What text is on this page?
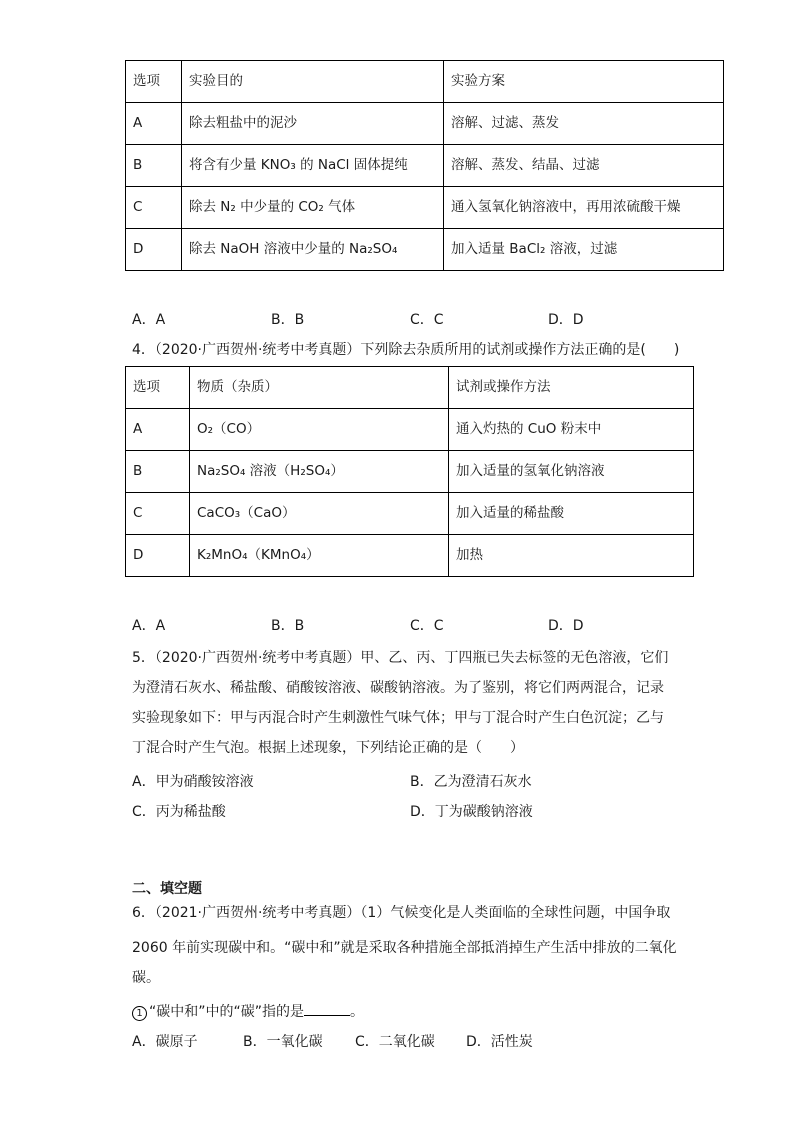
选项	实验目的	实验方案
A	除去粗盐中的泥沙	溶解、过滤、蒸发
B	将含有少量 KNO₃ 的 NaCl 固体提纯	溶解、蒸发、结晶、过滤
C	除去 N₂ 中少量的 CO₂ 气体	通入氢氧化钠溶液中，再用浓硫酸干燥
D	除去 NaOH 溶液中少量的 Na₂SO₄	加入适量 BaCl₂ 溶液，过滤
A．A	B．B	C．C	D．D
4．（2020·广西贺州·统考中考真题）下列除去杂质所用的试剂或操作方法正确的是(　　)
选项	物质（杂质）	试剂或操作方法
A	O₂（CO）	通入灼热的 CuO 粉末中
B	Na₂SO₄ 溶液（H₂SO₄）	加入适量的氢氧化钠溶液
C	CaCO₃（CaO）	加入适量的稀盐酸
D	K₂MnO₄（KMnO₄）	加热
A．A	B．B	C．C	D．D
5．（2020·广西贺州·统考中考真题）甲、乙、丙、丁四瓶已失去标签的无色溶液，它们
为澄清石灰水、稀盐酸、硝酸铵溶液、碳酸钠溶液。为了鉴别，将它们两两混合，记录
实验现象如下：甲与丙混合时产生刺激性气味气体；甲与丁混合时产生白色沉淀；乙与
丁混合时产生气泡。根据上述现象，下列结论正确的是（　　）
A．甲为硝酸铵溶液	B．乙为澄清石灰水
C．丙为稀盐酸	D．丁为碳酸钠溶液
二、填空题
6．（2021·广西贺州·统考中考真题）（1）气候变化是人类面临的全球性问题，中国争取
2060 年前实现碳中和。“碳中和”就是采取各种措施全部抵消掉生产生活中排放的二氧化
碳。
1 “碳中和”中的“碳”指的是	。
A．碳原子	B．一氧化碳 C．二氧化碳 D．活性炭
